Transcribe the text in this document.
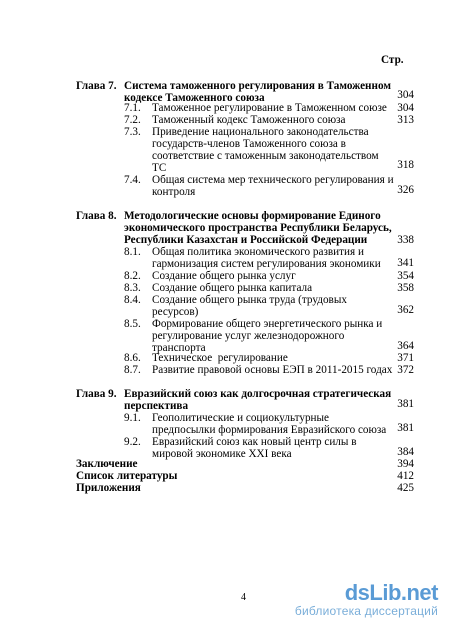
Стр.
Глава 7. Система таможенного регулирования в Таможенном
кодексе Таможенного союза	304
7.1. Таможенное регулирование в Таможенном союзе 304
7.2. Таможенный кодекс Таможенного союза	313
7.3. Приведение национального законодательства
государств-членов Таможенного союза в
соответствие с таможенным законодательством
ТС	318
7.4. Общая система мер технического регулирования и
контроля	326
Глава 8. Методологические основы формирование Единого
экономического пространства Республики Беларусь,
Республики Казахстан и Российской Федерации	338
8.1. Общая политика экономического развития и
гармонизация систем регулирования экономики 341
8.2. Создание общего рынка услуг	354
8.3. Создание общего рынка капитала	358
8.4. Создание общего рынка труда (трудовых
ресурсов)	362
8.5. Формирование общего энергетического рынка и
регулирование услуг железнодорожного
транспорта	364
8.6. Техническое  регулирование	371
8.7. Развитие правовой основы ЕЭП в 2011-2015 годах 372
Глава 9. Евразийский союз как долгосрочная стратегическая
перспектива	381
9.1. Геополитические и социокультурные
предпосылки формирования Евразийского союза 381
9.2. Евразийский союз как новый центр силы в
мировой экономике XXI века	384
Заключение	394
Список литературы	412
Приложения	425
4	dsLib.net
библиотека диссертаций
